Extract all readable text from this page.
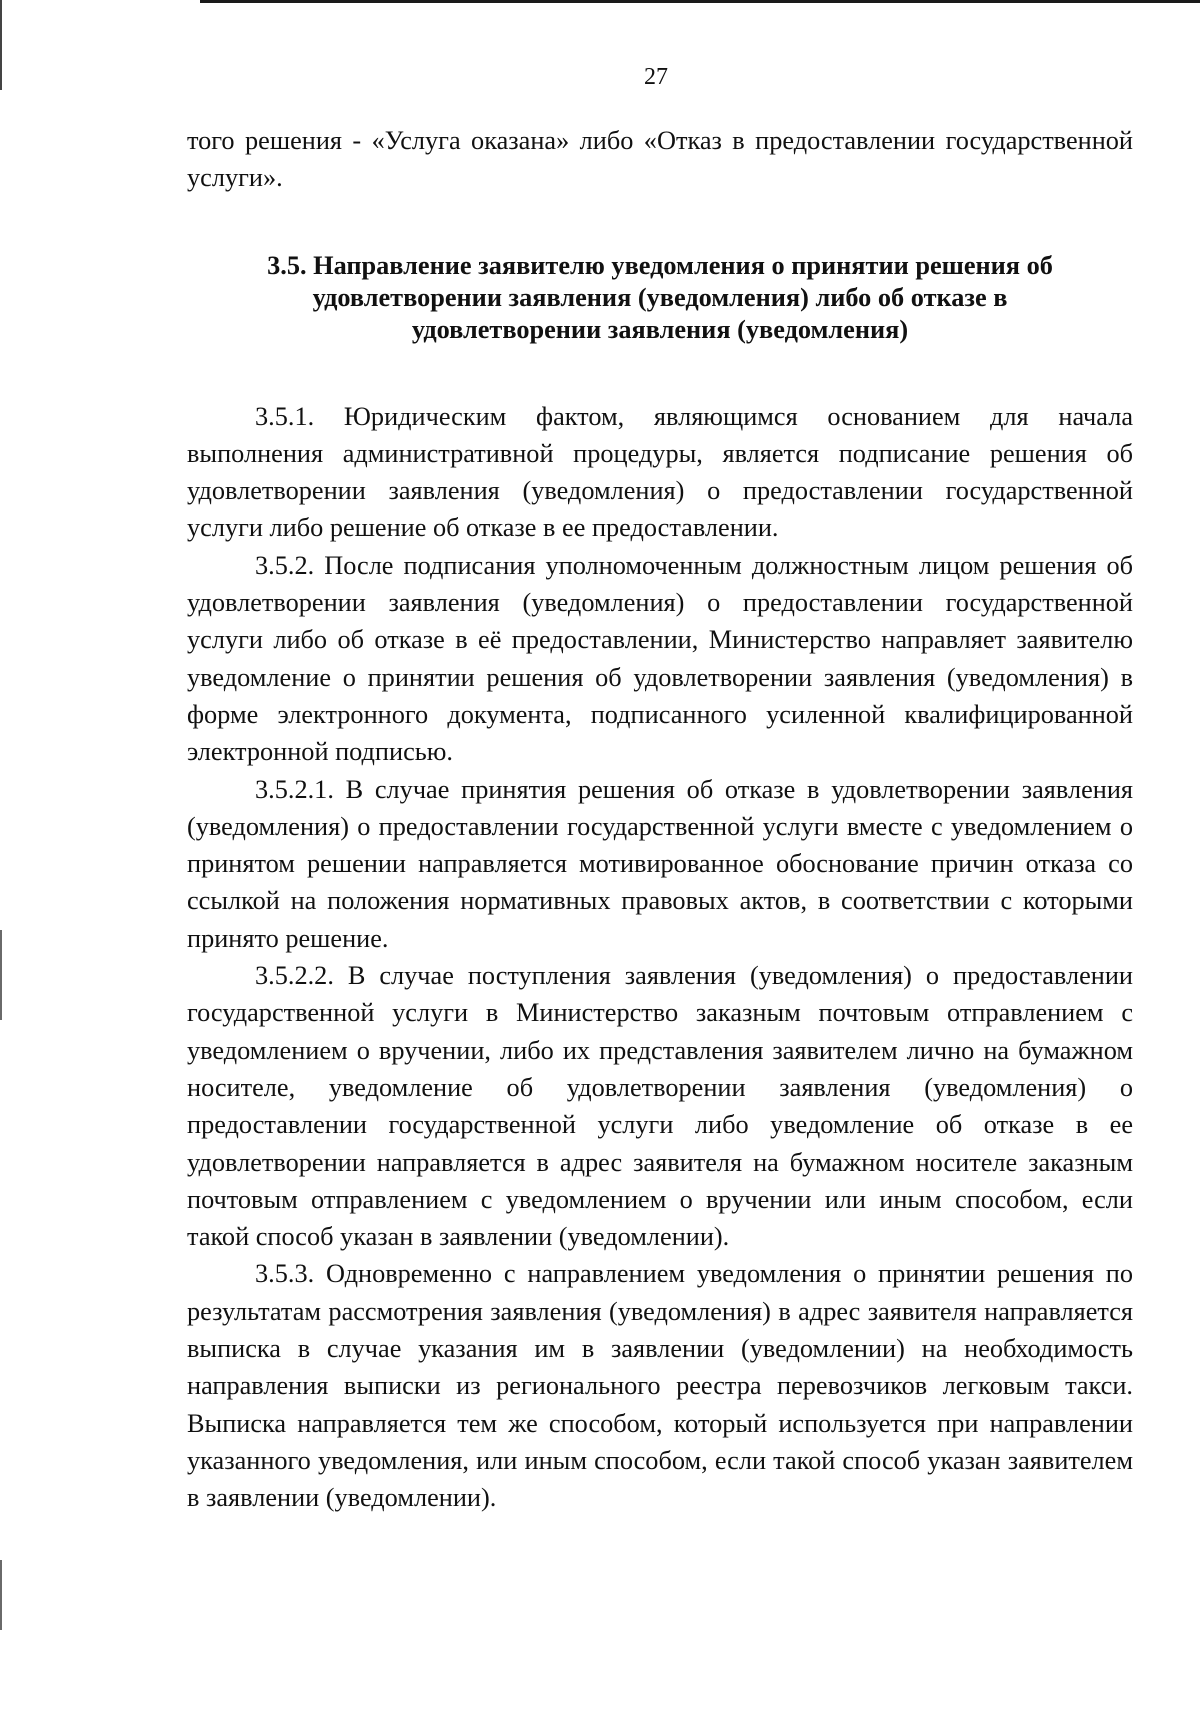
27

того решения - «Услуга оказана» либо «Отказ в предоставлении государственной услуги».

3.5. Направление заявителю уведомления о принятии решения об
удовлетворении заявления (уведомления) либо об отказе в
удовлетворении заявления (уведомления)

3.5.1. Юридическим фактом, являющимся основанием для начала выполнения административной процедуры, является подписание решения об удовлетворении заявления (уведомления) о предоставлении государственной услуги либо решение об отказе в ее предоставлении.

3.5.2. После подписания уполномоченным должностным лицом решения об удовлетворении заявления (уведомления) о предоставлении государственной услуги либо об отказе в её предоставлении, Министерство направляет заявителю уведомление о принятии решения об удовлетворении заявления (уведомления) в форме электронного документа, подписанного усиленной квалифицированной электронной подписью.

3.5.2.1. В случае принятия решения об отказе в удовлетворении заявления (уведомления) о предоставлении государственной услуги вместе с уведомлением о принятом решении направляется мотивированное обоснование причин отказа со ссылкой на положения нормативных правовых актов, в соответствии с которыми принято решение.

3.5.2.2. В случае поступления заявления (уведомления) о предоставлении государственной услуги в Министерство заказным почтовым отправлением с уведомлением о вручении, либо их представления заявителем лично на бумажном носителе, уведомление об удовлетворении заявления (уведомления) о предоставлении государственной услуги либо уведомление об отказе в ее удовлетворении направляется в адрес заявителя на бумажном носителе заказным почтовым отправлением с уведомлением о вручении или иным способом, если такой способ указан в заявлении (уведомлении).

3.5.3. Одновременно с направлением уведомления о принятии решения по результатам рассмотрения заявления (уведомления) в адрес заявителя направляется выписка в случае указания им в заявлении (уведомлении) на необходимость направления выписки из регионального реестра перевозчиков легковым такси. Выписка направляется тем же способом, который используется при направлении указанного уведомления, или иным способом, если такой способ указан заявителем в заявлении (уведомлении).
